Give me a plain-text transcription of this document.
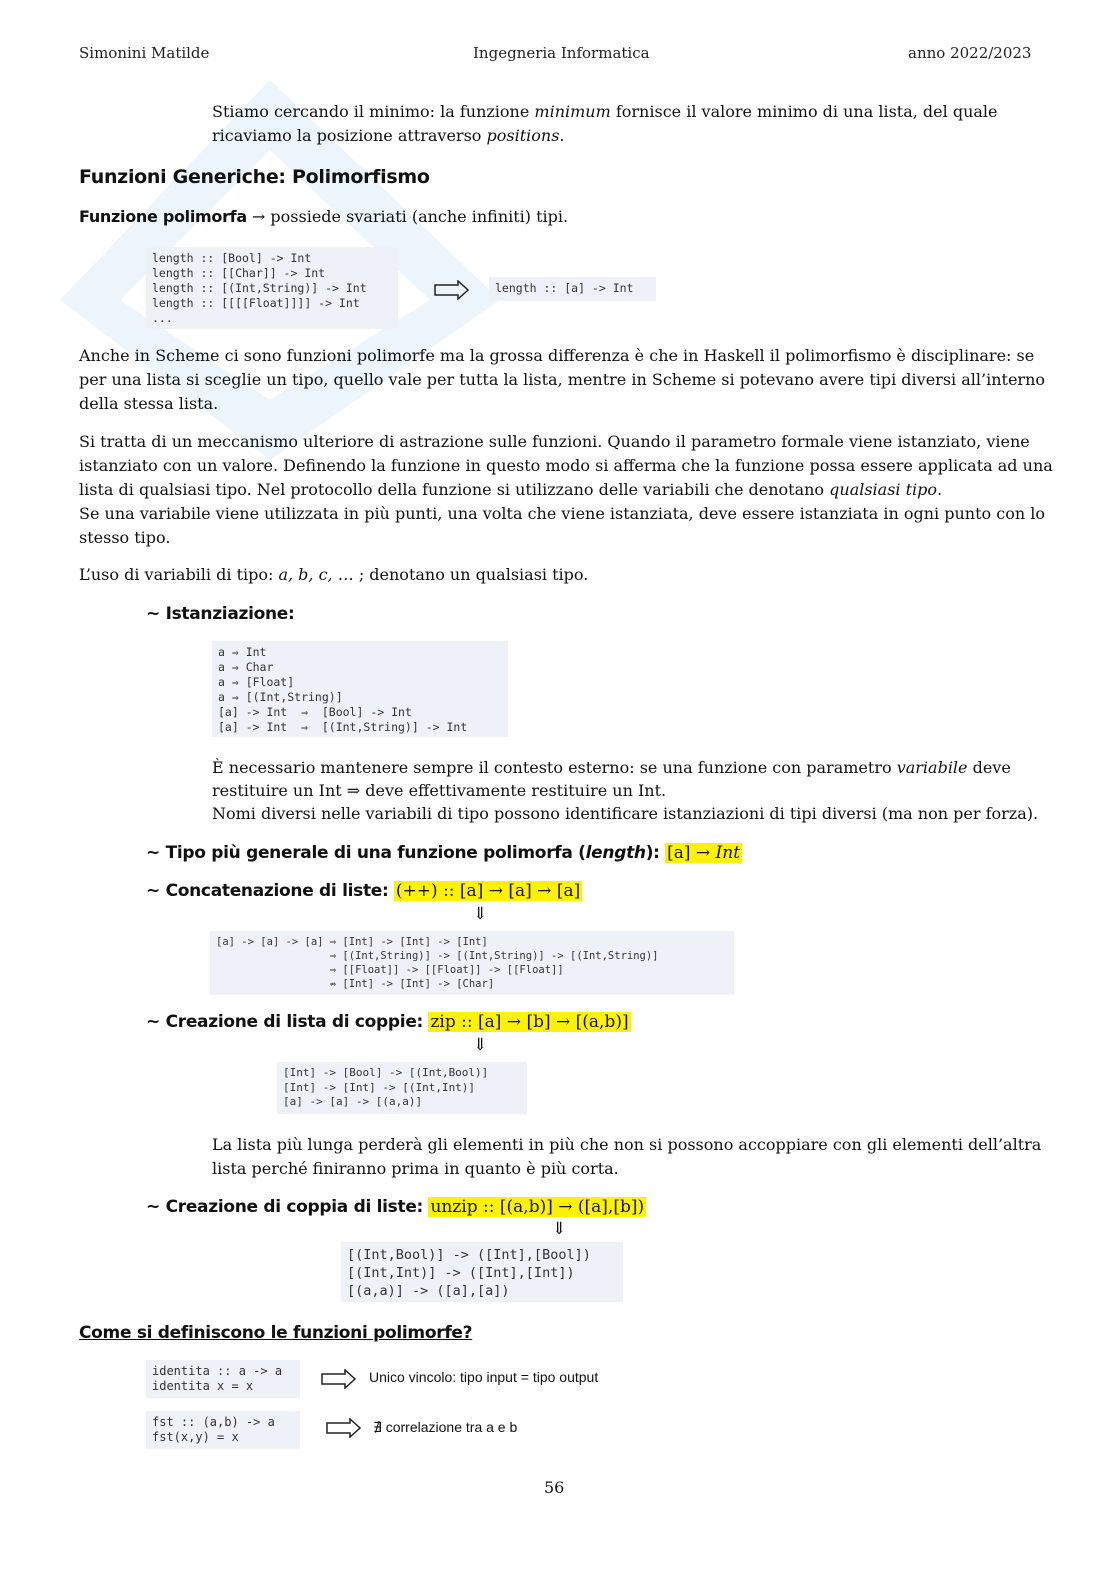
Simonini Matilde	Ingegneria Informatica	anno 2022/2023
Stiamo cercando il minimo: la funzione minimum fornisce il valore minimo di una lista, del quale
ricaviamo la posizione attraverso positions.
Funzioni Generiche: Polimorfismo
Funzione polimorfa → possiede svariati (anche infiniti) tipi.
length :: [Bool] -> Int
length :: [[Char]] -> Int
length :: [(Int,String)] -> Int
length :: [[[[Float]]]] -> Int
...
length :: [a] -> Int
Anche in Scheme ci sono funzioni polimorfe ma la grossa differenza è che in Haskell il polimorfismo è disciplinare: se
per una lista si sceglie un tipo, quello vale per tutta la lista, mentre in Scheme si potevano avere tipi diversi all’interno
della stessa lista.
Si tratta di un meccanismo ulteriore di astrazione sulle funzioni. Quando il parametro formale viene istanziato, viene
istanziato con un valore. Definendo la funzione in questo modo si afferma che la funzione possa essere applicata ad una
lista di qualsiasi tipo. Nel protocollo della funzione si utilizzano delle variabili che denotano qualsiasi tipo.
Se una variabile viene utilizzata in più punti, una volta che viene istanziata, deve essere istanziata in ogni punto con lo
stesso tipo.
L’uso di variabili di tipo: a, b, c, … ; denotano un qualsiasi tipo.
~ Istanziazione:
a ⇒ Int
a ⇒ Char
a ⇒ [Float]
a ⇒ [(Int,String)]
[a] -> Int  ⇒  [Bool] -> Int
[a] -> Int  ⇒  [(Int,String)] -> Int
È necessario mantenere sempre il contesto esterno: se una funzione con parametro variabile deve
restituire un Int ⇒ deve effettivamente restituire un Int.
Nomi diversi nelle variabili di tipo possono identificare istanziazioni di tipi diversi (ma non per forza).
~ Tipo più generale di una funzione polimorfa (length): [a] → Int
~ Concatenazione di liste: (++) :: [a] → [a] → [a]
⇓
[a] -> [a] -> [a] ⇒ [Int] -> [Int] -> [Int]
⇒ [(Int,String)] -> [(Int,String)] -> [(Int,String)]
⇒ [[Float]] -> [[Float]] -> [[Float]]
⇏ [Int] -> [Int] -> [Char]
~ Creazione di lista di coppie: zip :: [a] → [b] → [(a,b)]
⇓
[Int] -> [Bool] -> [(Int,Bool)]
[Int] -> [Int] -> [(Int,Int)]
[a] -> [a] -> [(a,a)]
La lista più lunga perderà gli elementi in più che non si possono accoppiare con gli elementi dell’altra
lista perché finiranno prima in quanto è più corta.
~ Creazione di coppia di liste: unzip :: [(a,b)] → ([a],[b])
⇓
[(Int,Bool)] -> ([Int],[Bool])
[(Int,Int)] -> ([Int],[Int])
[(a,a)] -> ([a],[a])
Come si definiscono le funzioni polimorfe?
identita :: a -> a
identita x = x
Unico vincolo: tipo input = tipo output
fst :: (a,b) -> a
fst(x,y) = x
∄ correlazione tra a e b
56
